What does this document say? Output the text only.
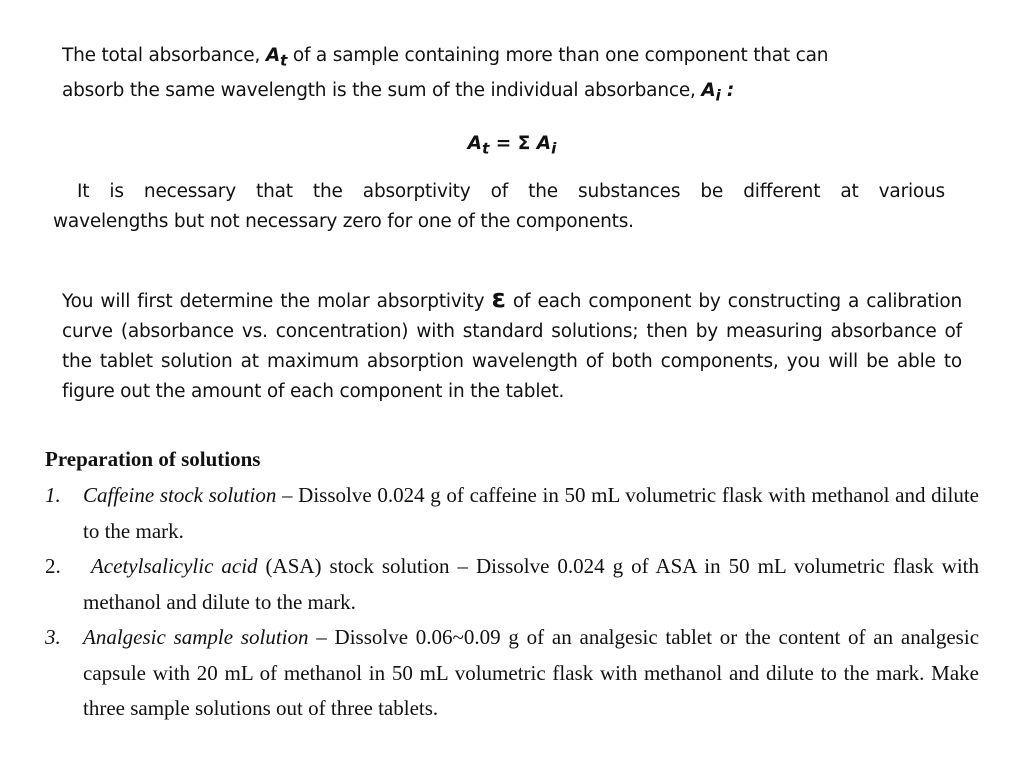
The total absorbance, $A_t$ of a sample containing more than one component that can
absorb the same wavelength is the sum of the individual absorbance, $A_i$ :
$A_t = \Sigma$ $A_i$
It is necessary that the absorptivity of the substances be different at various
wavelengths but not necessary zero for one of the components.

You will first determine the molar absorptivity ε of each component by constructing a calibration curve (absorbance vs. concentration) with standard solutions; then by measuring absorbance of the tablet solution at maximum absorption wavelength of both components, you will be able to figure out the amount of each component in the tablet.

Preparation of solutions
1. Caffeine stock solution – Dissolve 0.024 g of caffeine in 50 mL volumetric flask with methanol and dilute to the mark.
2.	Acetylsalicylic acid (ASA) stock solution – Dissolve 0.024 g of ASA in 50 mL volumetric flask with methanol and dilute to the mark.
3. Analgesic sample solution – Dissolve 0.06~0.09 g of an analgesic tablet or the content of an analgesic capsule with 20 mL of methanol in 50 mL volumetric flask with methanol and dilute to the mark. Make three sample solutions out of three tablets.
